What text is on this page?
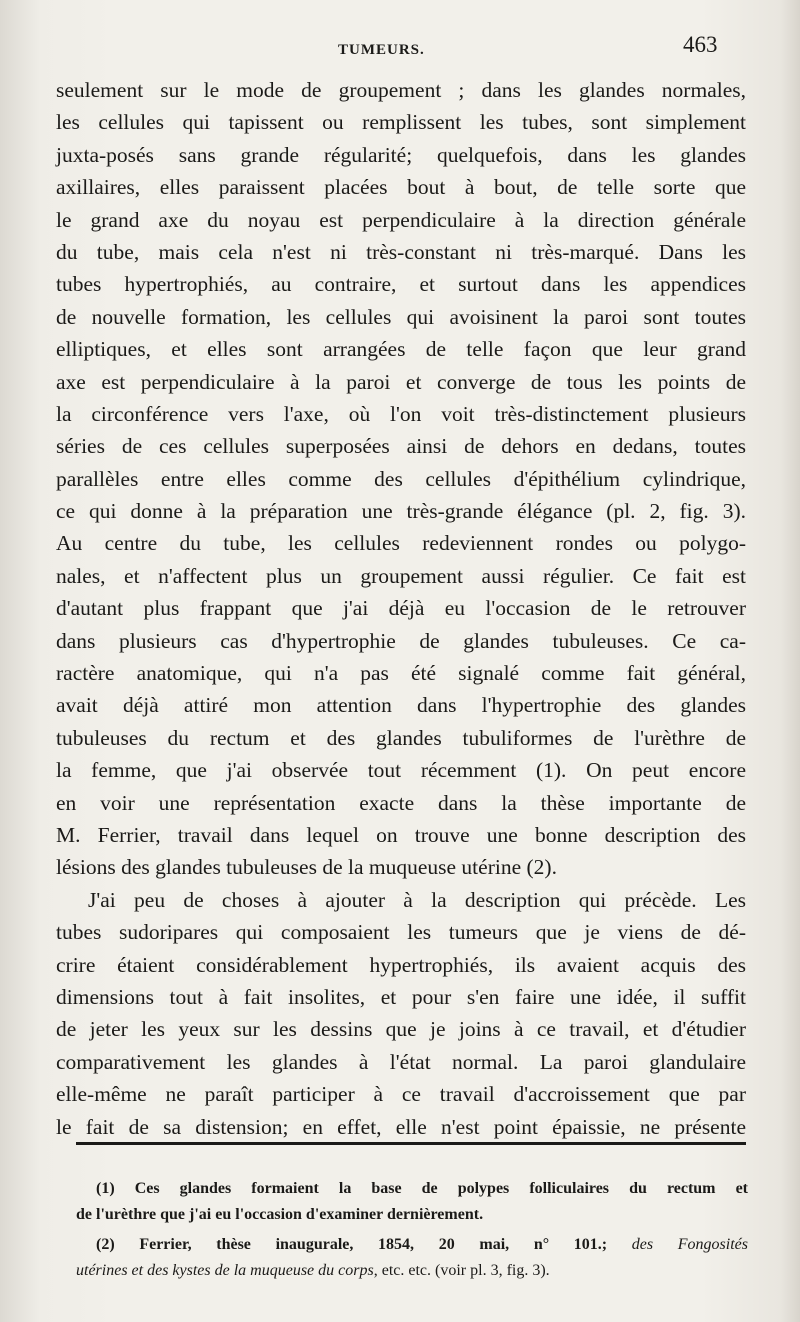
TUMEURS.	463
seulement sur le mode de groupement ; dans les glandes normales,
les cellules qui tapissent ou remplissent les tubes, sont simplement
juxta-posés sans grande régularité; quelquefois, dans les glandes
axillaires, elles paraissent placées bout à bout, de telle sorte que
le grand axe du noyau est perpendiculaire à la direction générale
du tube, mais cela n'est ni très-constant ni très-marqué. Dans les
tubes hypertrophiés, au contraire, et surtout dans les appendices
de nouvelle formation, les cellules qui avoisinent la paroi sont toutes
elliptiques, et elles sont arrangées de telle façon que leur grand
axe est perpendiculaire à la paroi et converge de tous les points de
la circonférence vers l'axe, où l'on voit très-distinctement plusieurs
séries de ces cellules superposées ainsi de dehors en dedans, toutes
parallèles entre elles comme des cellules d'épithélium cylindrique,
ce qui donne à la préparation une très-grande élégance (pl. 2, fig. 3).
Au centre du tube, les cellules redeviennent rondes ou polygo-
nales, et n'affectent plus un groupement aussi régulier. Ce fait est
d'autant plus frappant que j'ai déjà eu l'occasion de le retrouver
dans plusieurs cas d'hypertrophie de glandes tubuleuses. Ce ca-
ractère anatomique, qui n'a pas été signalé comme fait général,
avait déjà attiré mon attention dans l'hypertrophie des glandes
tubuleuses du rectum et des glandes tubuliformes de l'urèthre de
la femme, que j'ai observée tout récemment (1). On peut encore
en voir une représentation exacte dans la thèse importante de
M. Ferrier, travail dans lequel on trouve une bonne description des
lésions des glandes tubuleuses de la muqueuse utérine (2).
J'ai peu de choses à ajouter à la description qui précède. Les
tubes sudoripares qui composaient les tumeurs que je viens de dé-
crire étaient considérablement hypertrophiés, ils avaient acquis des
dimensions tout à fait insolites, et pour s'en faire une idée, il suffit
de jeter les yeux sur les dessins que je joins à ce travail, et d'étudier
comparativement les glandes à l'état normal. La paroi glandulaire
elle-même ne paraît participer à ce travail d'accroissement que par
le fait de sa distension; en effet, elle n'est point épaissie, ne présente
(1) Ces glandes formaient la base de polypes folliculaires du rectum et
de l'urèthre que j'ai eu l'occasion d'examiner dernièrement.
(2) Ferrier, thèse inaugurale, 1854, 20 mai, n° 101.; des Fongosités
utérines et des kystes de la muqueuse du corps, etc. etc. (voir pl. 3, fig. 3).
